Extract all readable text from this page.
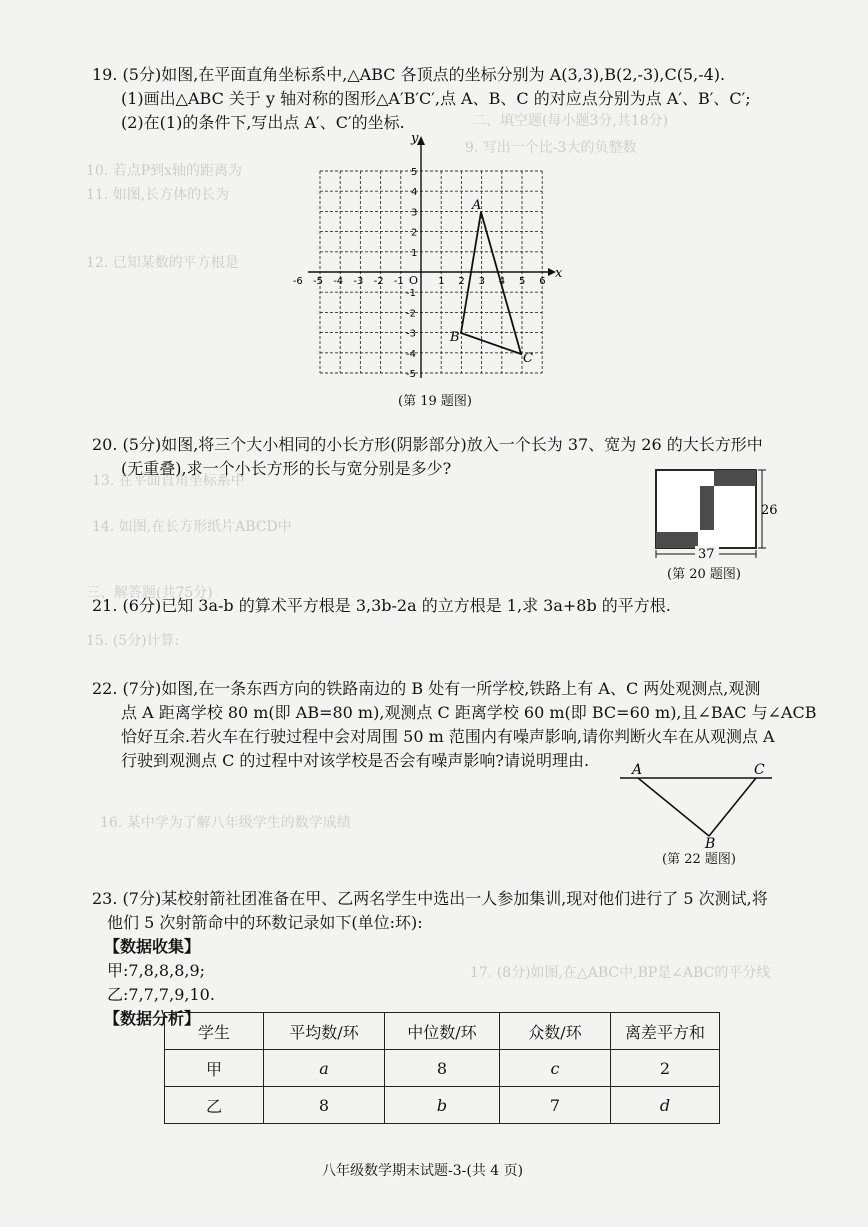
二、填空题(每小题3分,共18分)
9. 写出一个比-3大的负整数
10. 若点P到x轴的距离为
11. 如图,长方体的长为
12. 已知某数的平方根是
13. 在平面直角坐标系中
14. 如图,在长方形纸片ABCD中
三、解答题(共75分)
15. (5分)计算:
16. 某中学为了解八年级学生的数学成绩
17. (8分)如图,在△ABC中,BP是∠ABC的平分线
19. (5分)如图,在平面直角坐标系中,△ABC 各顶点的坐标分别为 A(3,3),B(2,-3),C(5,-4).
(1)画出△ABC 关于 y 轴对称的图形△A′B′C′,点 A、B、C 的对应点分别为点 A′、B′、C′;
(2)在(1)的条件下,写出点 A′、C′的坐标.
x
y
O
-6 -5 -4 -3 -2 -1	1 2 3 4 5 6
5
4
3
2
1
-1
-2
-3
-4
-5
A
B
C
(第 19 题图)
20. (5分)如图,将三个大小相同的小长方形(阴影部分)放入一个长为 37、宽为 26 的大长方形中
(无重叠),求一个小长方形的长与宽分别是多少?
26
37
(第 20 题图)
21. (6分)已知 3a-b 的算术平方根是 3,3b-2a 的立方根是 1,求 3a+8b 的平方根.
22. (7分)如图,在一条东西方向的铁路南边的 B 处有一所学校,铁路上有 A、C 两处观测点,观测
点 A 距离学校 80 m(即 AB=80 m),观测点 C 距离学校 60 m(即 BC=60 m),且∠BAC 与∠ACB
恰好互余.若火车在行驶过程中会对周围 50 m 范围内有噪声影响,请你判断火车在从观测点 A
行驶到观测点 C 的过程中对该学校是否会有噪声影响?请说明理由.	A	C
B
(第 22 题图)
23. (7分)某校射箭社团准备在甲、乙两名学生中选出一人参加集训,现对他们进行了 5 次测试,将
他们 5 次射箭命中的环数记录如下(单位:环):
【数据收集】
甲:7,8,8,8,9;
乙:7,7,7,9,10.
【数据分析】
学生	平均数/环	中位数/环	众数/环	离差平方和
甲	a	8	c	2
乙	8	b	7	d
八年级数学期末试题-3-(共 4 页)
